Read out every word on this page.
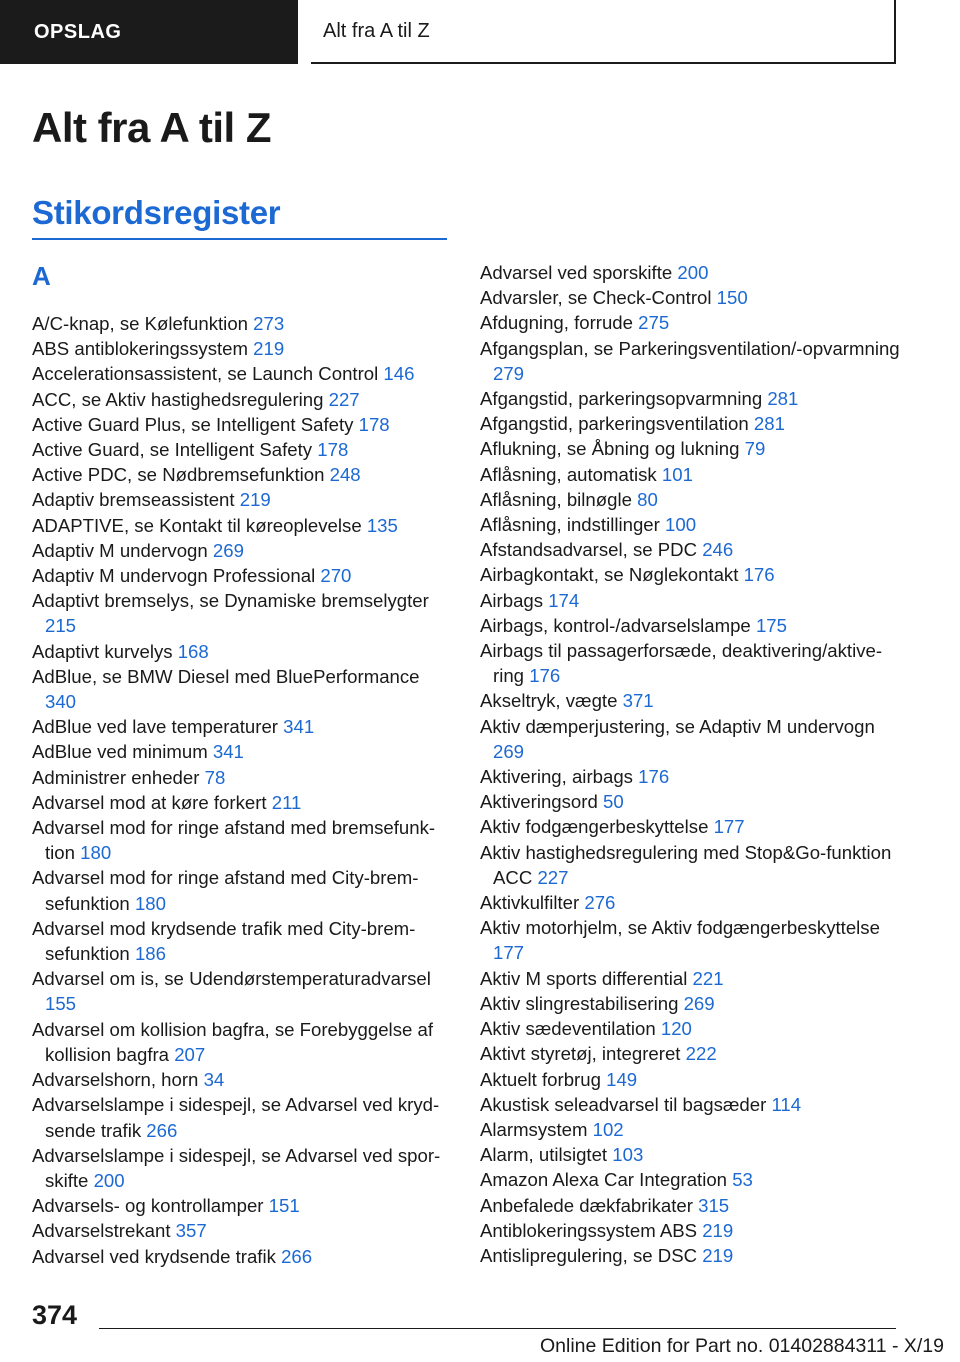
OPSLAG	Alt fra A til Z
Alt fra A til Z
Stikordsregister
A
A/C-knap, se Kølefunktion 273
ABS antiblokeringssystem 219
Accelerationsassistent, se Launch Control 146
ACC, se Aktiv hastighedsregulering 227
Active Guard Plus, se Intelligent Safety 178
Active Guard, se Intelligent Safety 178
Active PDC, se Nødbremsefunktion 248
Adaptiv bremseassistent 219
ADAPTIVE, se Kontakt til køreoplevelse 135
Adaptiv M undervogn 269
Adaptiv M undervogn Professional 270
Adaptivt bremselys, se Dynamiske bremselygter 215
Adaptivt kurvelys 168
AdBlue, se BMW Diesel med BluePerformance 340
AdBlue ved lave temperaturer 341
AdBlue ved minimum 341
Administrer enheder 78
Advarsel mod at køre forkert 211
Advarsel mod for ringe afstand med bremsefunktion 180
Advarsel mod for ringe afstand med City-bremsefunktion 180
Advarsel mod krydsende trafik med City-bremsefunktion 186
Advarsel om is, se Udendørstemperaturadvarsel 155
Advarsel om kollision bagfra, se Forebyggelse af kollision bagfra 207
Advarselshorn, horn 34
Advarselslampe i sidespejl, se Advarsel ved krydsende trafik 266
Advarselslampe i sidespejl, se Advarsel ved sporskifte 200
Advarsels- og kontrollamper 151
Advarselstrekant 357
Advarsel ved krydsende trafik 266
Advarsel ved sporskifte 200
Advarsler, se Check-Control 150
Afdugning, forrude 275
Afgangsplan, se Parkeringsventilation/-opvarmning 279
Afgangstid, parkeringsopvarmning 281
Afgangstid, parkeringsventilation 281
Aflukning, se Åbning og lukning 79
Aflåsning, automatisk 101
Aflåsning, bilnøgle 80
Aflåsning, indstillinger 100
Afstandsadvarsel, se PDC 246
Airbagkontakt, se Nøglekontakt 176
Airbags 174
Airbags, kontrol-/advarselslampe 175
Airbags til passagerforsæde, deaktivering/aktivering 176
Akseltryk, vægte 371
Aktiv dæmperjustering, se Adaptiv M undervogn 269
Aktivering, airbags 176
Aktiveringsord 50
Aktiv fodgængerbeskyttelse 177
Aktiv hastighedsregulering med Stop&Go-funktion ACC 227
Aktivkulfilter 276
Aktiv motorhjelm, se Aktiv fodgængerbeskyttelse 177
Aktiv M sports differential 221
Aktiv slingrestabilisering 269
Aktiv sædeventilation 120
Aktivt styretøj, integreret 222
Aktuelt forbrug 149
Akustisk seleadvarsel til bagsæder 114
Alarmsystem 102
Alarm, utilsigtet 103
Amazon Alexa Car Integration 53
Anbefalede dækfabrikater 315
Antiblokeringssystem ABS 219
Antislipregulering, se DSC 219
374
Online Edition for Part no. 01402884311 - X/19
